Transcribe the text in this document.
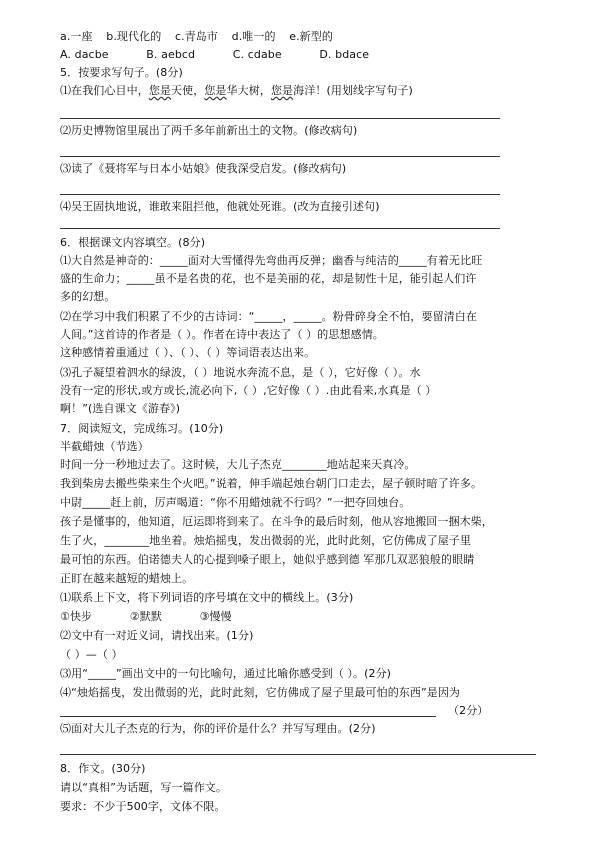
a.一座 b.现代化的 c.青岛市 d.唯一的 e.新型的
A. dacbe	B. aebcd	C. cdabe	D. bdace
5．按要求写句子。(8分)
⑴在我们心目中，您是天使，您是华大树，您是海洋！(用划线字写句子)
⑵历史博物馆里展出了两千多年前新出土的文物。(修改病句)
⑶读了《聂将军与日本小姑娘》使我深受启发。(修改病句)
⑷吴王固执地说，谁敢来阻拦他，他就处死谁。(改为直接引述句)
6．根据课文内容填空。(8分)
⑴大自然是神奇的：_____面对大雪懂得先弯曲再反弹；幽香与纯洁的_____有着无比旺
盛的生命力；_____虽不是名贵的花，也不是美丽的花，却是韧性十足，能引起人们许
多的幻想。
⑵在学习中我们积累了不少的古诗词：“_____，_____。粉骨碎身全不怕，要留清白在
人间。”这首诗的作者是（ ）。作者在诗中表达了（ ）的思想感情。
这种感情着重通过（ ）、（ ）、（ ）等词语表达出来。
⑶孔子凝望着泗水的绿波，（ ）地说水奔流不息，是（ ），它好像（ ）。水
没有一定的形状,或方或长,流必向下,（ ）,它好像（ ）.由此看来,水真是（ ）
啊！”(选自课文《游春》)
7．阅读短文，完成练习。(10分)
半截蜡烛（节选）
时间一分一秒地过去了。这时候，大儿子杰克________地站起来天真冷。
我到柴房去搬些柴来生个火吧。”说着，伸手端起烛台朝门口走去，屋子顿时暗了许多。
中尉_____赶上前，厉声喝道：“你不用蜡烛就不行吗？”一把夺回烛台。
孩子是懂事的，他知道，厄运即将到来了。在斗争的最后时刻，他从容地搬回一捆木柴，
生了火，________地坐着。烛焰摇曳，发出微弱的光，此时此刻，它仿佛成了屋子里
最可怕的东西。伯诺德夫人的心提到嗓子眼上，她似乎感到德 军那几双恶狼般的眼睛
正盯在越来越短的蜡烛上。
⑴联系上下文，将下列词语的序号填在文中的横线上。(3分)
①快步	②默默	③慢慢
⑵文中有一对近义词，请找出来。(1分)
（ ）—（ ）
⑶用“_____”画出文中的一句比喻句，通过比喻你感受到（ ）。(2分)
⑷“烛焰摇曳，发出微弱的光，此时此刻，它仿佛成了屋子里最可怕的东西”是因为
（2分）
⑸面对大儿子杰克的行为，你的评价是什么？并写写理由。(2分)
8．作文。(30分)
请以“真相”为话题，写一篇作文。
要求：不少于500字，文体不限。
